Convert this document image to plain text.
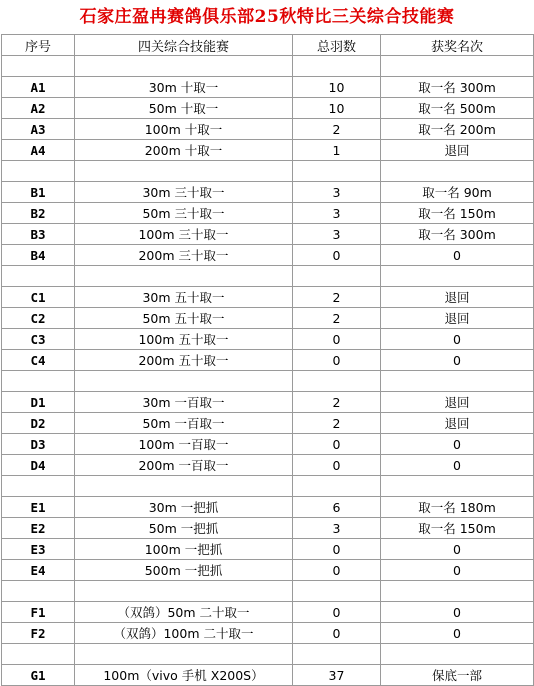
石家庄盈冉赛鸽俱乐部25秋特比三关综合技能赛
序号	四关综合技能赛	总羽数	获奖名次

A1	30m 十取一	10	取一名 300m
A2	50m 十取一	10	取一名 500m
A3	100m 十取一	2	取一名 200m
A4	200m 十取一	1	退回

B1	30m 三十取一	3	取一名 90m
B2	50m 三十取一	3	取一名 150m
B3	100m 三十取一	3	取一名 300m
B4	200m 三十取一	0	0

C1	30m 五十取一	2	退回
C2	50m 五十取一	2	退回
C3	100m 五十取一	0	0
C4	200m 五十取一	0	0

D1	30m 一百取一	2	退回
D2	50m 一百取一	2	退回
D3	100m 一百取一	0	0
D4	200m 一百取一	0	0

E1	30m 一把抓	6	取一名 180m
E2	50m 一把抓	3	取一名 150m
E3	100m 一把抓	0	0
E4	500m 一把抓	0	0

F1	（双鸽）50m 二十取一	0	0
F2	（双鸽）100m 二十取一	0	0

G1	100m（vivo 手机 X200S）	37	保底一部
